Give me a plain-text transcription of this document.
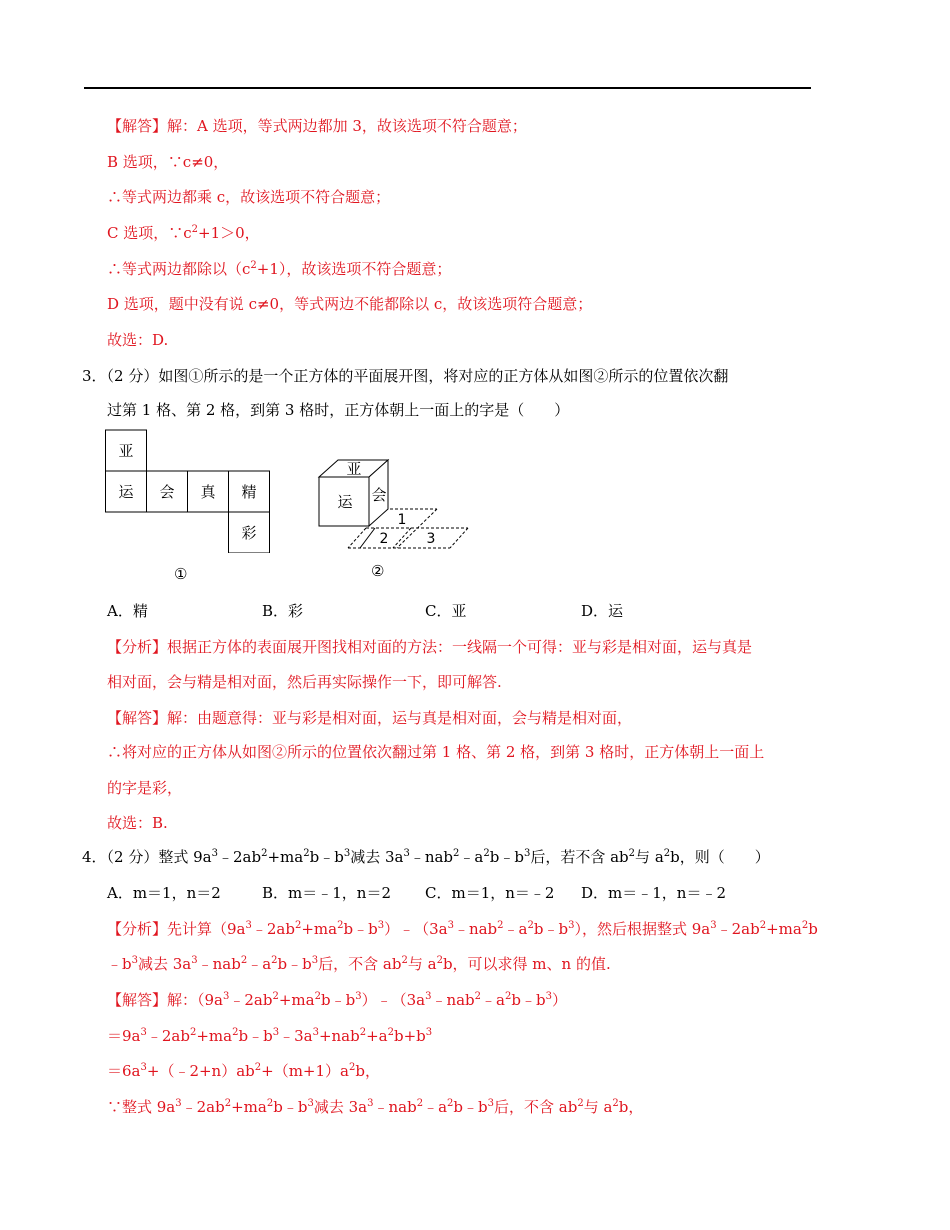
【解答】解：A 选项，等式两边都加 3，故该选项不符合题意；
B 选项，∵c≠0，
∴等式两边都乘 c，故该选项不符合题意；
C 选项，$\because c^2+1>0$，
∴等式两边都除以$(c^2+1)$，故该选项不符合题意；
D 选项，题中没有说 c≠0，等式两边不能都除以 c，故该选项符合题意；
故选：D.
3．（2 分）如图①所示的是一个正方体的平面展开图，将对应的正方体从如图②所示的位置依次翻
过第 1 格、第 2 格，到第 3 格时，正方体朝上一面上的字是（　　）
亚
运 会 真 精
彩
①
亚
运 会
1
2	3
②
A．精	B．彩	C．亚	D．运
【分析】根据正方体的表面展开图找相对面的方法：一线隔一个可得：亚与彩是相对面，运与真是
相对面，会与精是相对面，然后再实际操作一下，即可解答.
【解答】解：由题意得：亚与彩是相对面，运与真是相对面，会与精是相对面，
∴将对应的正方体从如图②所示的位置依次翻过第 1 格、第 2 格，到第 3 格时，正方体朝上一面上
的字是彩，
故选：B.
4．（2 分）整式 $9a^3﹣2ab^2+ma^2b﹣b^3$减去 $3a^3﹣nab^2﹣a^2b﹣b^3$后，若不含 $ab^2$与 $a^2b$，则（　　）
A．m＝1，n＝2	B．m＝﹣1，n＝2 C．m＝1，n＝﹣2 D．m＝﹣1，n＝﹣2
【分析】先计算$(9a^3﹣2ab^2+ma^2b﹣b^3)﹣(3a^3﹣nab^2﹣a^2b﹣b^3)$，然后根据整式 $9a^3﹣2ab^2+ma^2b$
$﹣b^3$减去 $3a^3﹣nab^2﹣a^2b﹣b^3$后，不含 $ab^2$与 $a^2b$，可以求得 m、n 的值.
【解答】解：$(9a^3﹣2ab^2+ma^2b﹣b^3)﹣(3a^3﹣nab^2﹣a^2b﹣b^3)$
$=9a^3﹣2ab^2+ma^2b﹣b^3﹣3a^3+nab^2+a^2b+b^3$
$=6a^3+(﹣2+n)ab^2+(m+1)a^2b$，
∵整式 $9a^3﹣2ab^2+ma^2b﹣b^3$减去 $3a^3﹣nab^2﹣a^2b﹣b^3$后，不含 $ab^2$与 $a^2b$，
